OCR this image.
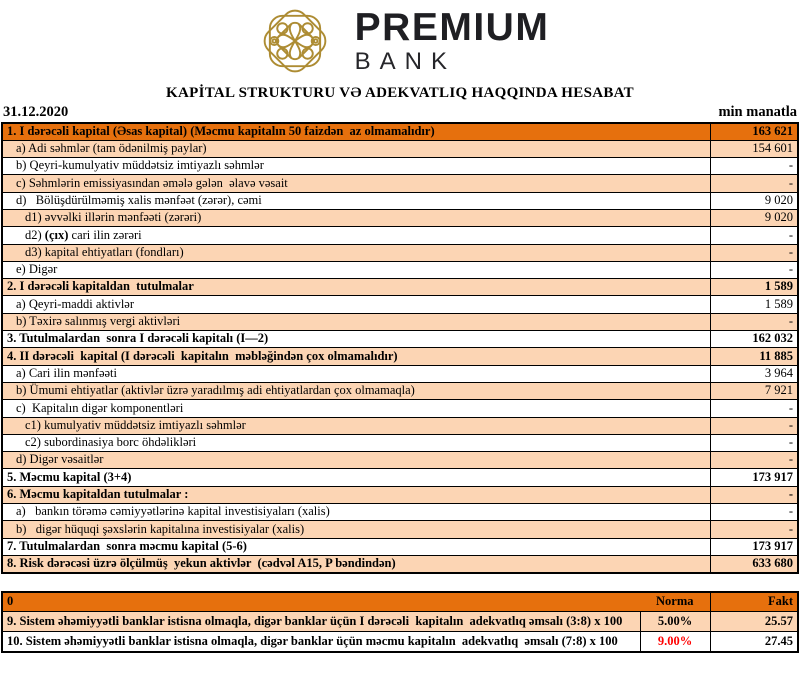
PREMIUM
BANK
KAPİTAL STRUKTURU VƏ ADEKVATLIQ HAQQINDA HESABAT
31.12.2020	min manatla
1. I dərəcəli kapital (Əsas kapital) (Məcmu kapitalın 50 faizdən  az olmamalıdır)	163 621
a) Adi səhmlər (tam ödənilmiş paylar)	154 601
b) Qeyri-kumulyativ müddətsiz imtiyazlı səhmlər	-
c) Səhmlərin emissiyasından əmələ gələn  əlavə vəsait	-
d)   Bölüşdürülməmiş xalis mənfəət (zərər), cəmi	9 020
d1) əvvəlki illərin mənfəəti (zərəri)	9 020
d2) (çıx) cari ilin zərəri	-
d3) kapital ehtiyatları (fondları)	-
e) Digər	-
2. I dərəcəli kapitaldan  tutulmalar	1 589
a) Qeyri-maddi aktivlər	1 589
b) Təxirə salınmış vergi aktivləri	-
3. Tutulmalardan  sonra I dərəcəli kapitalı (I—2)	162 032
4. II dərəcəli  kapital (I dərəcəli  kapitalın  məbləğindən çox olmamalıdır)	11 885
a) Cari ilin mənfəəti	3 964
b) Ümumi ehtiyatlar (aktivlər üzrə yaradılmış adi ehtiyatlardan çox olmamaqla)	7 921
c)  Kapitalın digər komponentləri	-
c1) kumulyativ müddətsiz imtiyazlı səhmlər	-
c2) subordinasiya borc öhdəlikləri	-
d) Digər vəsaitlər	-
5. Məcmu kapital (3+4)	173 917
6. Məcmu kapitaldan tutulmalar :	-
a)   bankın törəmə cəmiyyətlərinə kapital investisiyaları (xalis)	-
b)   digər hüquqi şəxslərin kapitalına investisiyalar (xalis)	-
7. Tutulmalardan  sonra məcmu kapital (5-6)	173 917
8. Risk dərəcəsi üzrə ölçülmüş  yekun aktivlər  (cədvəl A15, P bəndindən)	633 680
0	Norma	Fakt
9. Sistem əhəmiyyətli banklar istisna olmaqla, digər banklar üçün I dərəcəli  kapitalın  adekvatlıq əmsalı (3:8) x 100	5.00%	25.57
10. Sistem əhəmiyyətli banklar istisna olmaqla, digər banklar üçün məcmu kapitalın  adekvatlıq  əmsalı (7:8) x 100	9.00%	27.45
